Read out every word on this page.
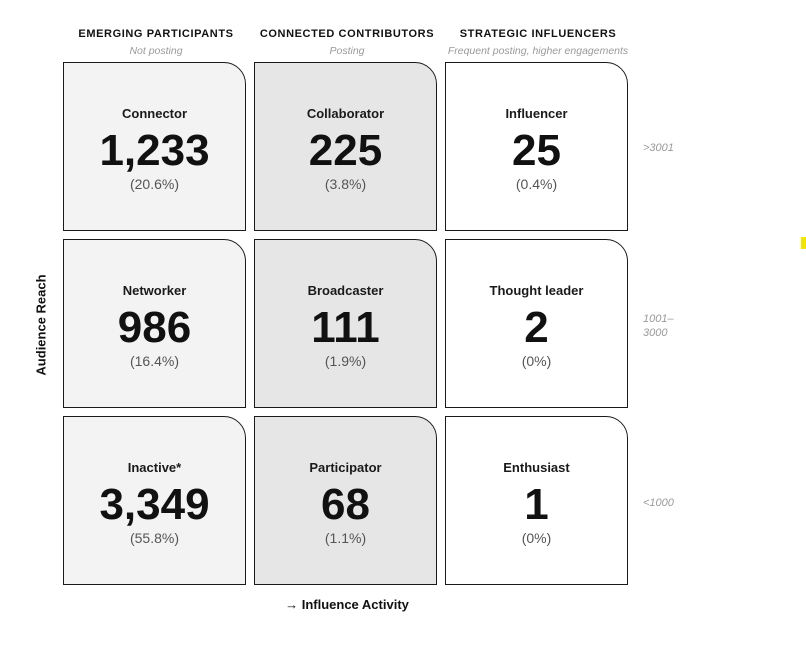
EMERGING PARTICIPANTS
Not posting
CONNECTED CONTRIBUTORS
Posting
STRATEGIC INFLUENCERS
Frequent posting, higher engagements
Connector
1,233
(20.6%)
Collaborator
225
(3.8%)
Influencer
25
(0.4%)
Networker
986
(16.4%)
Broadcaster
111
(1.9%)
Thought leader
2
(0%)
Inactive*
3,349
(55.8%)
Participator
68
(1.1%)
Enthusiast
1
(0%)
>3001
1001–
3000
<1000
Audience Reach
→ Influence Activity
